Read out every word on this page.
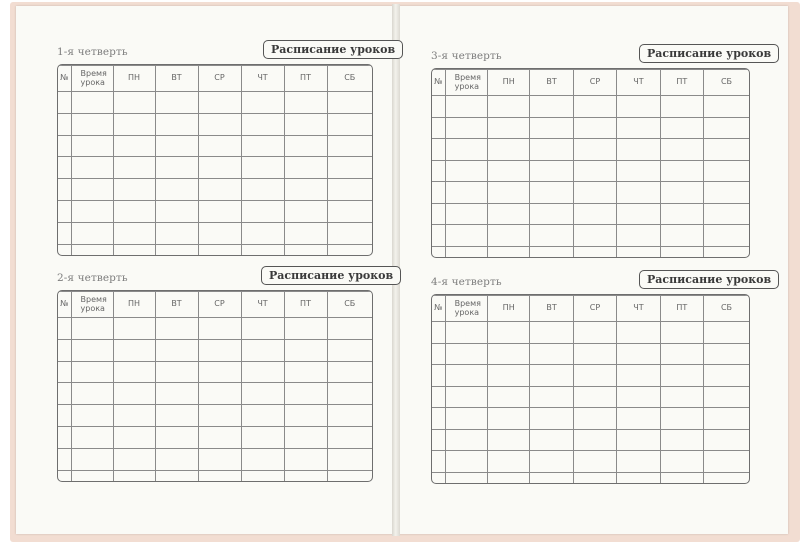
1-я четверть	Расписание уроков
№	Время урока	ПН	ВТ	СР	ЧТ	ПТ	СБ

2-я четверть	Расписание уроков
№	Время урока	ПН	ВТ	СР	ЧТ	ПТ	СБ

3-я четверть	Расписание уроков
№	Время урока	ПН	ВТ	СР	ЧТ	ПТ	СБ

4-я четверть	Расписание уроков
№	Время урока	ПН	ВТ	СР	ЧТ	ПТ	СБ
